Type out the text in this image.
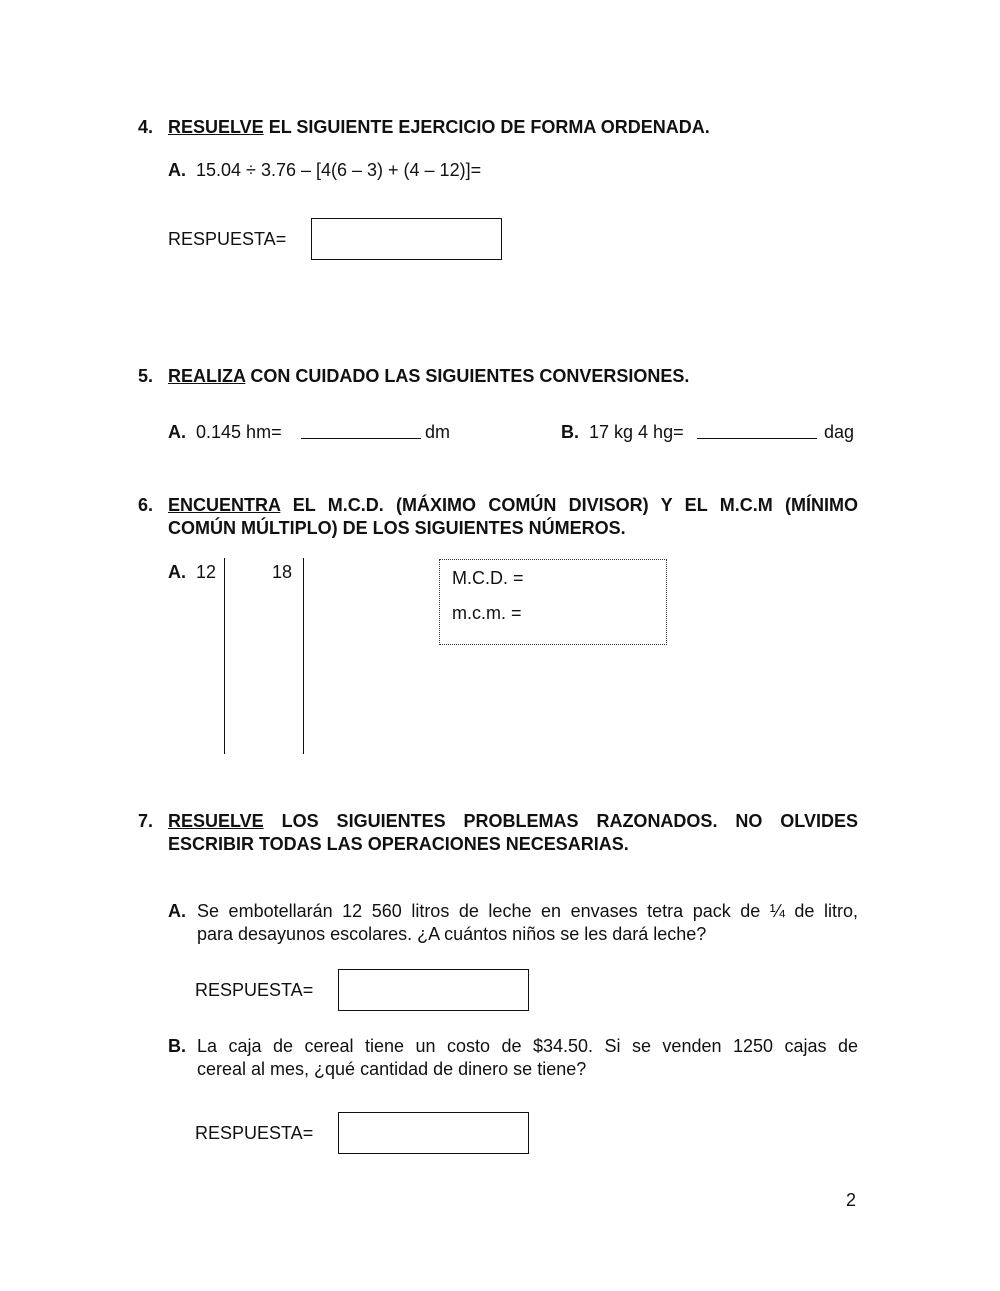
4. RESUELVE EL SIGUIENTE EJERCICIO DE FORMA ORDENADA.
A. 15.04 ÷ 3.76 – [4(6 – 3) + (4 – 12)]=
RESPUESTA=
5. REALIZA CON CUIDADO LAS SIGUIENTES CONVERSIONES.
A. 0.145 hm=	dm	B. 17 kg 4 hg=	dag
6. ENCUENTRA EL M.C.D. (MÁXIMO COMÚN DIVISOR) Y EL M.C.M (MÍNIMO
COMÚN MÚLTIPLO) DE LOS SIGUIENTES NÚMEROS.
A. 12	18	M.C.D. =
m.c.m. =
7. RESUELVE LOS SIGUIENTES PROBLEMAS RAZONADOS. NO OLVIDES
ESCRIBIR TODAS LAS OPERACIONES NECESARIAS.
A. Se embotellarán 12 560 litros de leche en envases tetra pack de ¼ de litro,
para desayunos escolares. ¿A cuántos niños se les dará leche?
RESPUESTA=
B. La caja de cereal tiene un costo de $34.50. Si se venden 1250 cajas de
cereal al mes, ¿qué cantidad de dinero se tiene?
RESPUESTA=
2
